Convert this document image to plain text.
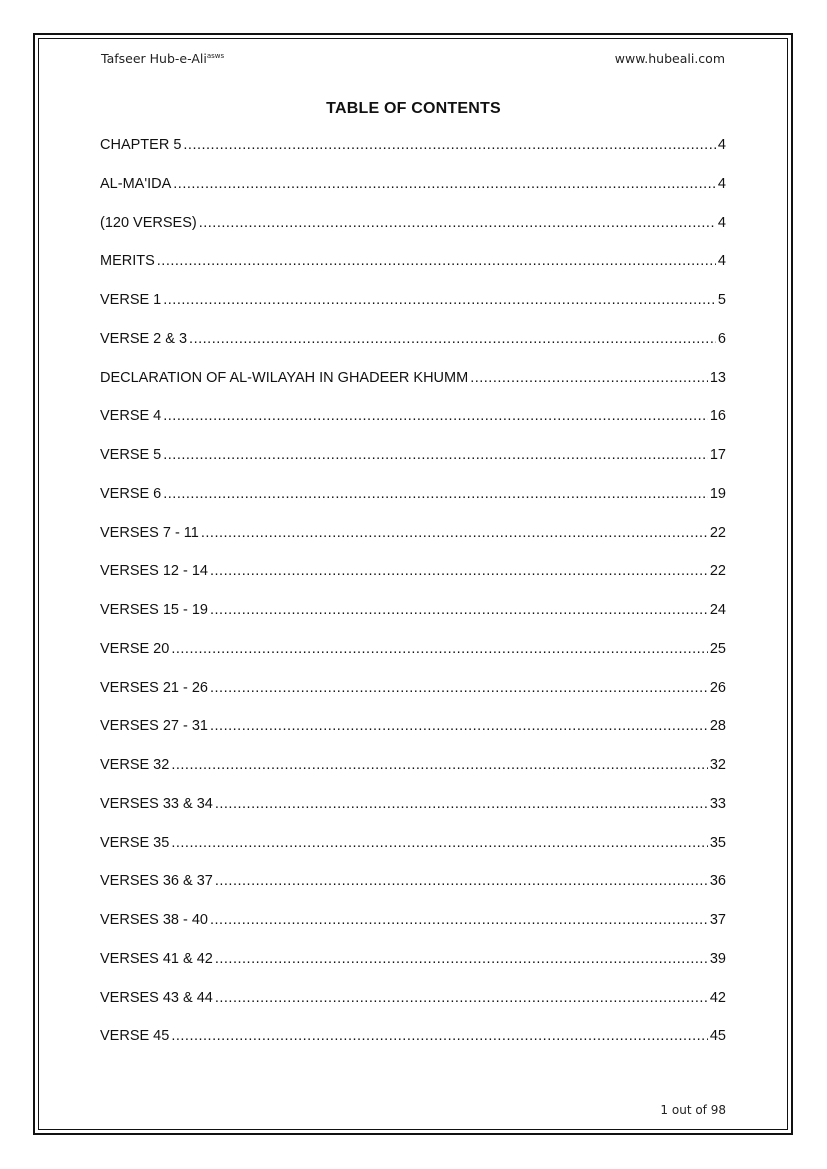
Tafseer Hub-e-Ali$^{asws}$	www.hubeali.com
TABLE OF CONTENTS
CHAPTER 5 .....	4
AL-MA'IDA .....	4
(120 VERSES) .....	4
MERITS .....	4
VERSE 1 .....	5
VERSE 2 & 3 .....	6
DECLARATION OF AL-WILAYAH IN GHADEER KHUMM .....	13
VERSE 4 .....	16
VERSE 5 .....	17
VERSE 6 .....	19
VERSES 7 - 11 .....	22
VERSES 12 - 14 .....	22
VERSES 15 - 19 .....	24
VERSE 20 .....	25
VERSES 21 - 26 .....	26
VERSES 27 - 31 .....	28
VERSE 32 .....	32
VERSES 33 & 34 .....	33
VERSE 35 .....	35
VERSES 36 & 37 .....	36
VERSES 38 - 40 .....	37
VERSES 41 & 42 .....	39
VERSES 43 & 44 .....	42
VERSE 45 .....	45
1 out of 98
